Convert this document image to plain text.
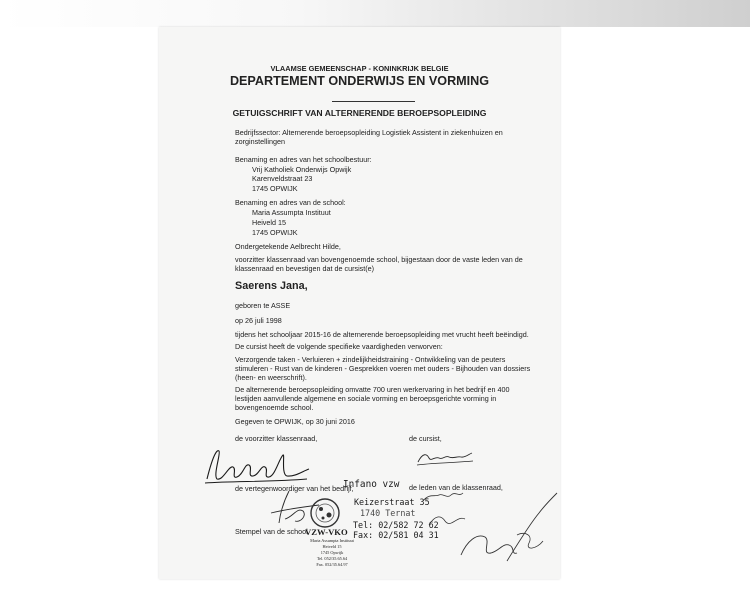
VLAAMSE GEMEENSCHAP - KONINKRIJK BELGIE
DEPARTEMENT ONDERWIJS EN VORMING
GETUIGSCHRIFT VAN ALTERNERENDE BEROEPSOPLEIDING
Bedrijfssector: Alternerende beroepsopleiding Logistiek Assistent in ziekenhuizen en
zorginstellingen
Benaming en adres van het schoolbestuur:
Vrij Katholiek Onderwijs Opwijk
Karenveldstraat 23
1745 OPWIJK
Benaming en adres van de school:
Maria Assumpta Instituut
Heiveld 15
1745 OPWIJK
Ondergetekende Aelbrecht Hilde,
voorzitter klassenraad van bovengenoemde school, bijgestaan door de vaste leden van de
klassenraad en bevestigen dat de cursist(e)
Saerens Jana,
geboren te ASSE
op 26 juli 1998
tijdens het schooljaar 2015-16 de alternerende beroepsopleiding met vrucht heeft beëindigd.
De cursist heeft de volgende specifieke vaardigheden verworven:
Verzorgende taken - Verluieren + zindelijkheidstraining - Ontwikkeling van de peuters
stimuleren - Rust van de kinderen - Gesprekken voeren met ouders - Bijhouden van dossiers
(heen- en weerschrift).
De alternerende beroepsopleiding omvatte 700 uren werkervaring in het bedrijf en 400
lestijden aanvullende algemene en sociale vorming en beroepsgerichte vorming in
bovengenoemde school.
Gegeven te OPWIJK, op 30 juni 2016
de voorzitter klassenraad,	de cursist,
de vertegenwoordiger van het bedrijf,	de leden van de klassenraad,
Infano vzw
Keizerstraat 35
1740 Ternat
Tel: 02/582 72 62
Fax: 02/581 04 31
Stempel van de school
VZW-VKO
Maria Assumpta Instituut
Heiveld 15
1745 Opwijk
Tel. 052/35.65.64
Fax. 052/35.64.97
